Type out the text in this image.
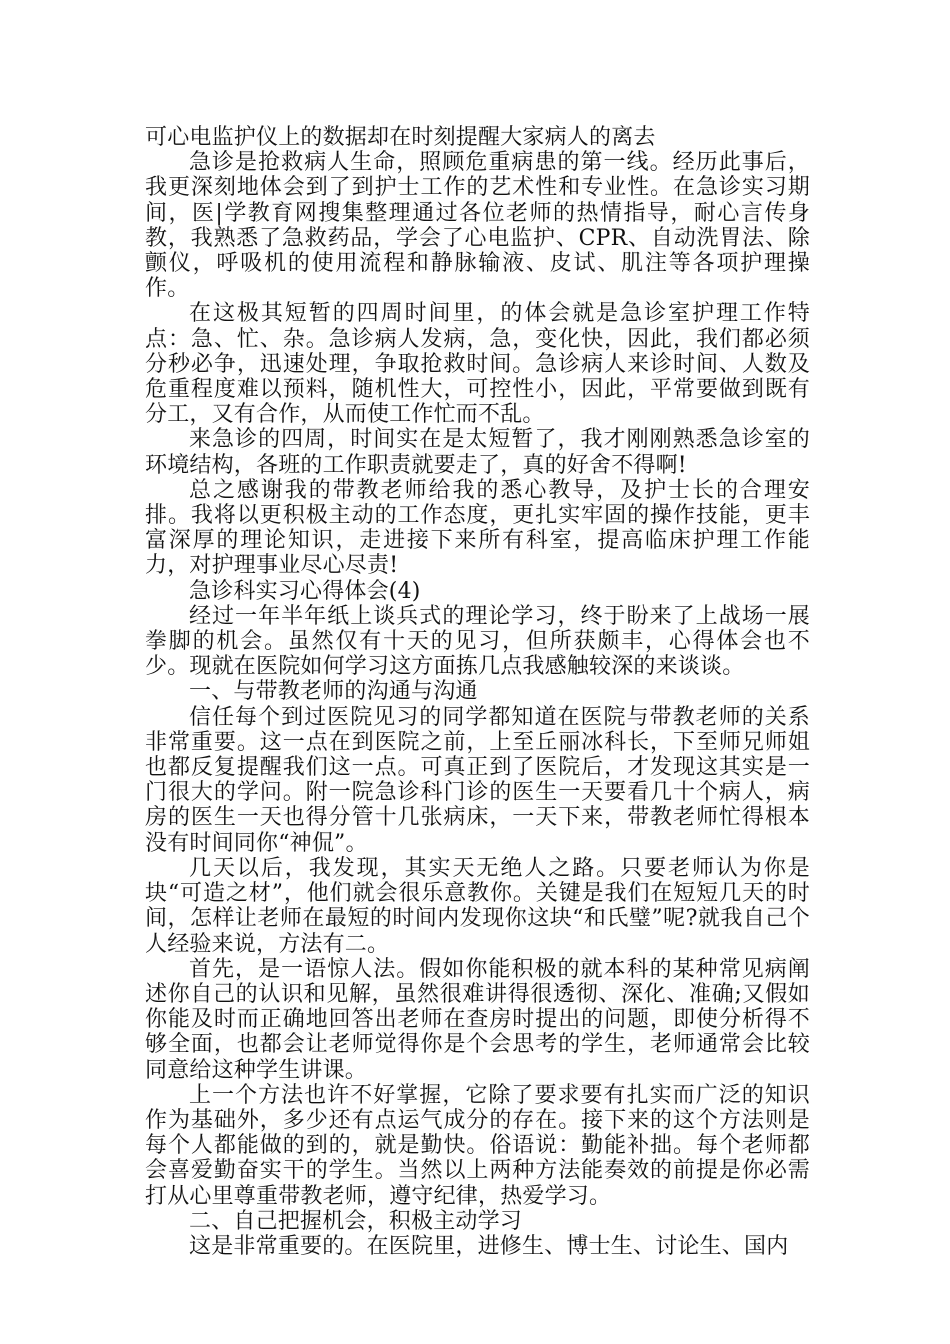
可心电监护仪上的数据却在时刻提醒大家病人的离去

急诊是抢救病人生命，照顾危重病患的第一线。经历此事后，我更深刻地体会到了到护士工作的艺术性和专业性。在急诊实习期间，医|学教育网搜集整理通过各位老师的热情指导，耐心言传身教，我熟悉了急救药品，学会了心电监护、CPR、自动洗胃法、除颤仪，呼吸机的使用流程和静脉输液、皮试、肌注等各项护理操作。

在这极其短暂的四周时间里，的体会就是急诊室护理工作特点：急、忙、杂。急诊病人发病，急，变化快，因此，我们都必须分秒必争，迅速处理，争取抢救时间。急诊病人来诊时间、人数及危重程度难以预料，随机性大，可控性小，因此，平常要做到既有分工，又有合作，从而使工作忙而不乱。

来急诊的四周，时间实在是太短暂了，我才刚刚熟悉急诊室的环境结构，各班的工作职责就要走了，真的好舍不得啊!

总之感谢我的带教老师给我的悉心教导，及护士长的合理安排。我将以更积极主动的工作态度，更扎实牢固的操作技能，更丰富深厚的理论知识，走进接下来所有科室，提高临床护理工作能力，对护理事业尽心尽责!

急诊科实习心得体会(4)

经过一年半年纸上谈兵式的理论学习，终于盼来了上战场一展拳脚的机会。虽然仅有十天的见习，但所获颇丰，心得体会也不少。现就在医院如何学习这方面拣几点我感触较深的来谈谈。

一、与带教老师的沟通与沟通

信任每个到过医院见习的同学都知道在医院与带教老师的关系非常重要。这一点在到医院之前，上至丘丽冰科长，下至师兄师姐也都反复提醒我们这一点。可真正到了医院后，才发现这其实是一门很大的学问。附一院急诊科门诊的医生一天要看几十个病人，病房的医生一天也得分管十几张病床，一天下来，带教老师忙得根本没有时间同你“神侃”。

几天以后，我发现，其实天无绝人之路。只要老师认为你是块“可造之材”，他们就会很乐意教你。关键是我们在短短几天的时间，怎样让老师在最短的时间内发现你这块“和氏璧”呢?就我自己个人经验来说，方法有二。

首先，是一语惊人法。假如你能积极的就本科的某种常见病阐述你自己的认识和见解，虽然很难讲得很透彻、深化、准确;又假如你能及时而正确地回答出老师在查房时提出的问题，即使分析得不够全面，也都会让老师觉得你是个会思考的学生，老师通常会比较同意给这种学生讲课。

上一个方法也许不好掌握，它除了要求要有扎实而广泛的知识作为基础外，多少还有点运气成分的存在。接下来的这个方法则是每个人都能做的到的，就是勤快。俗语说：勤能补拙。每个老师都会喜爱勤奋实干的学生。当然以上两种方法能奏效的前提是你必需打从心里尊重带教老师，遵守纪律，热爱学习。

二、自己把握机会，积极主动学习

这是非常重要的。在医院里，进修生、博士生、讨论生、国内
